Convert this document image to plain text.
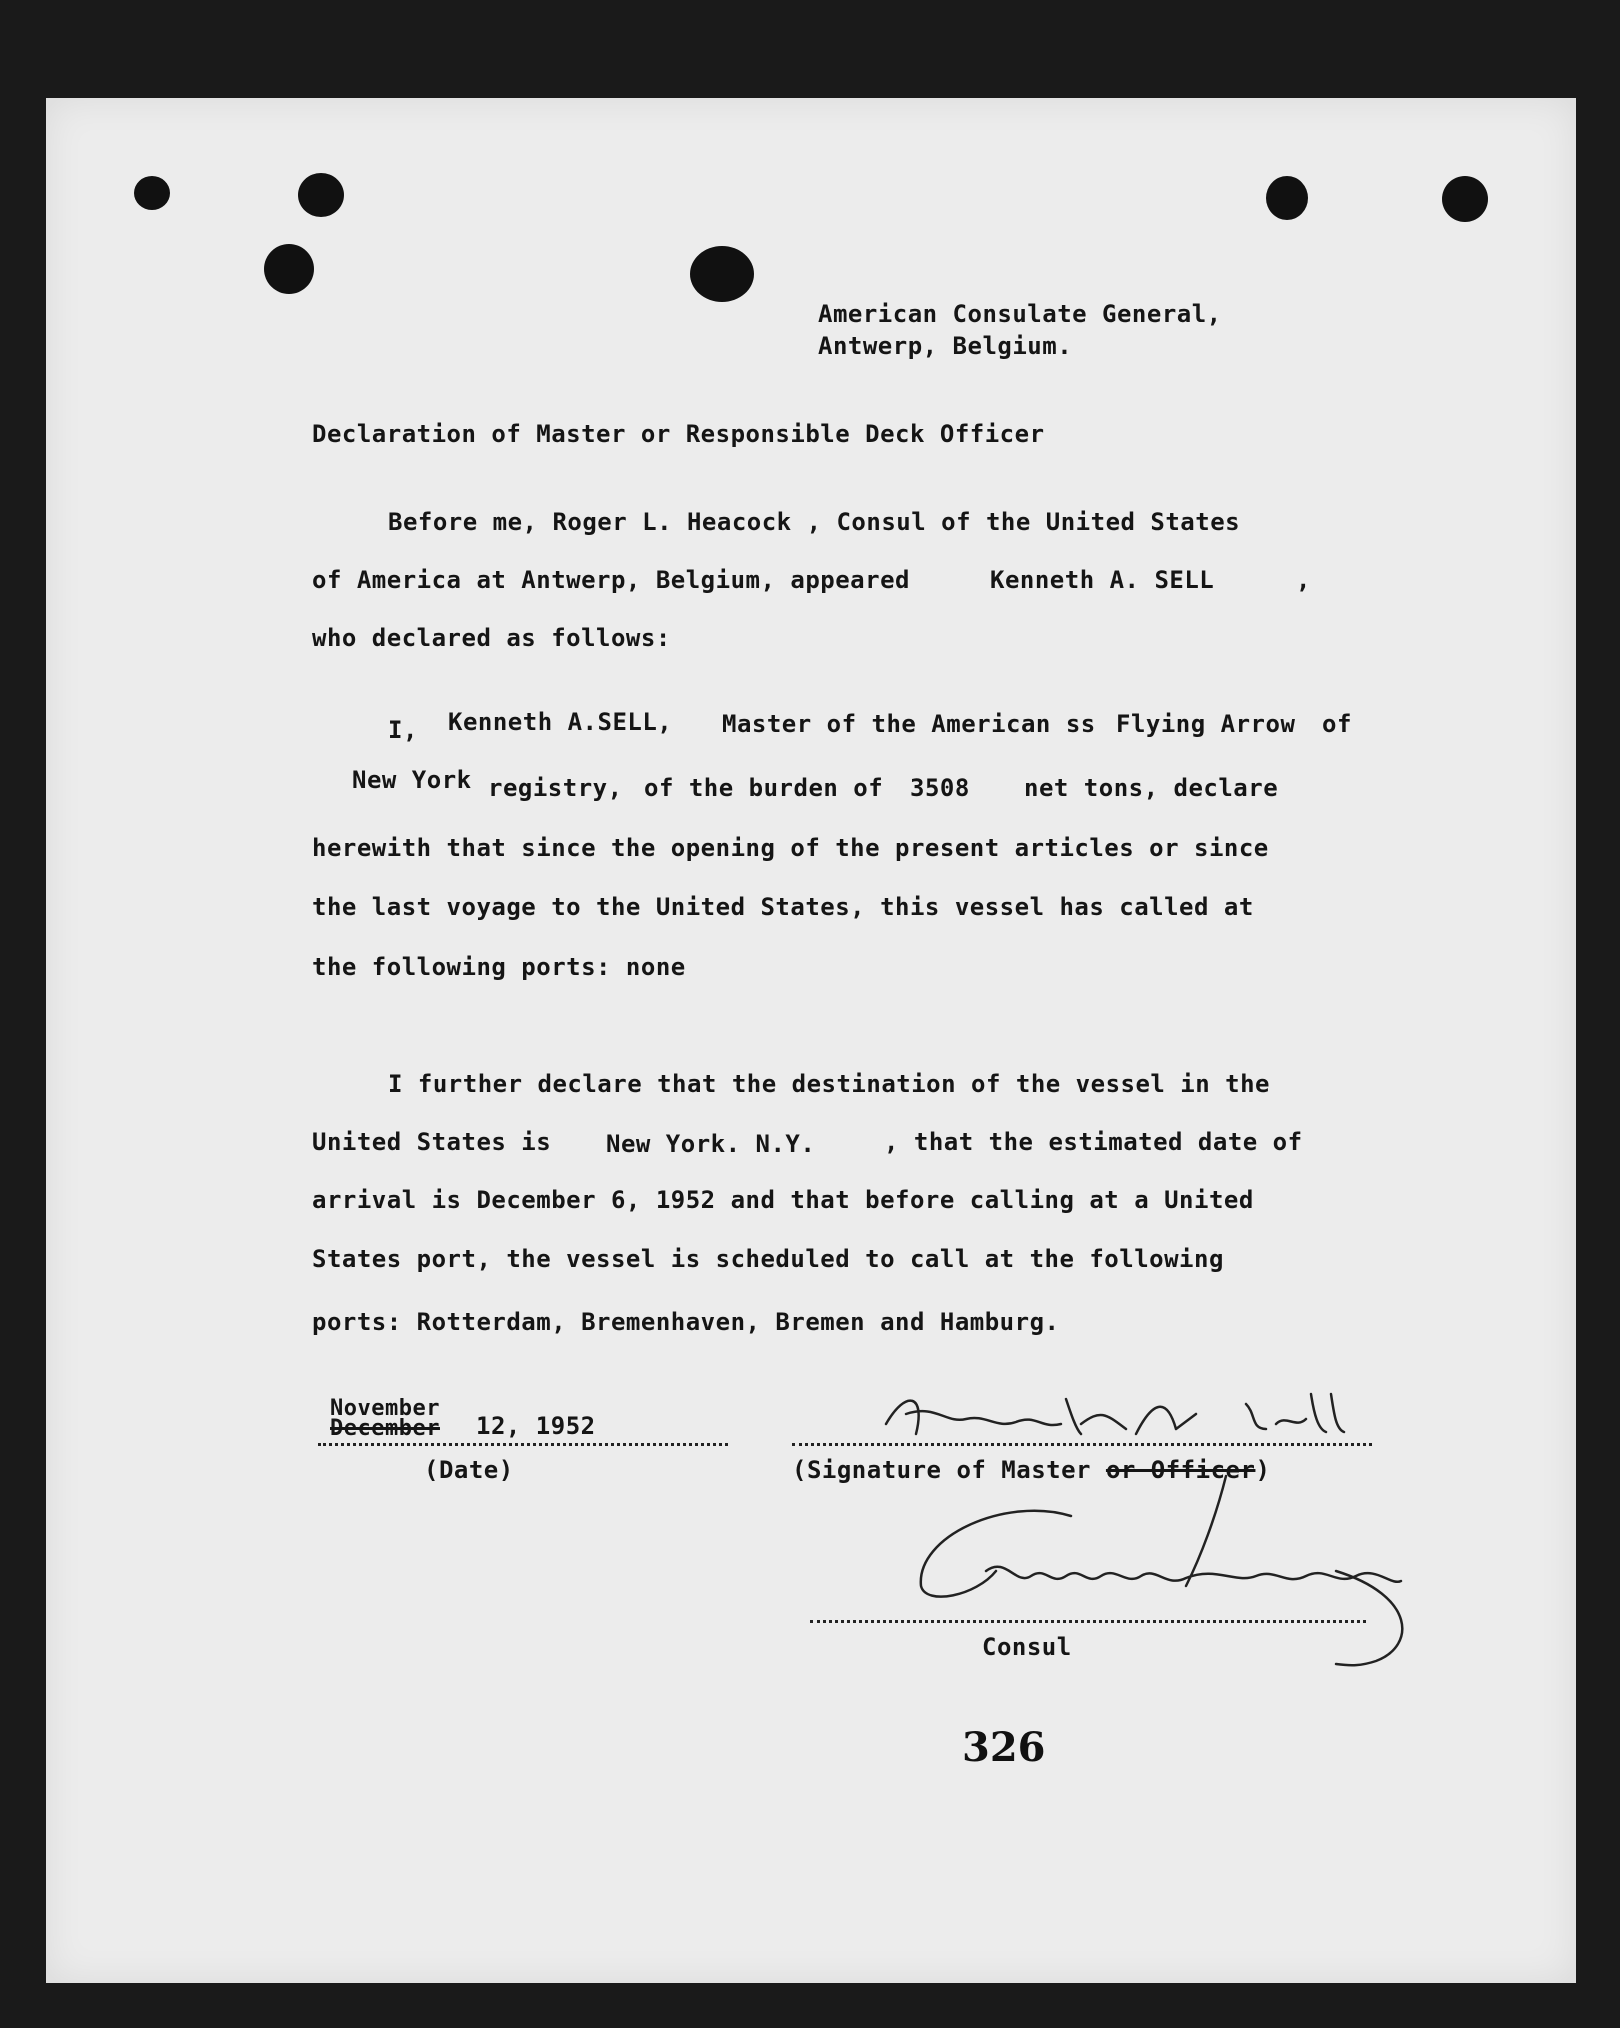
American Consulate General,
Antwerp, Belgium.
Declaration of Master or Responsible Deck Officer
Before me, Roger L. Heacock , Consul of the United States
of America at Antwerp, Belgium, appeared	Kenneth A. SELL	,
who declared as follows:
I, Kenneth A.SELL, Master of the American ss Flying Arrow of
New York registry, of the burden of 3508 net tons, declare
herewith that since the opening of the present articles or since
the last voyage to the United States, this vessel has called at
the following ports: none
I further declare that the destination of the vessel in the
United States is New York. N.Y.	, that the estimated date of
arrival is December 6, 1952 and that before calling at a United
States port, the vessel is scheduled to call at the following
ports: Rotterdam, Bremenhaven, Bremen and Hamburg.
November
December 12, 1952
(Date)	(Signature of Master or Officer)
Consul
326
